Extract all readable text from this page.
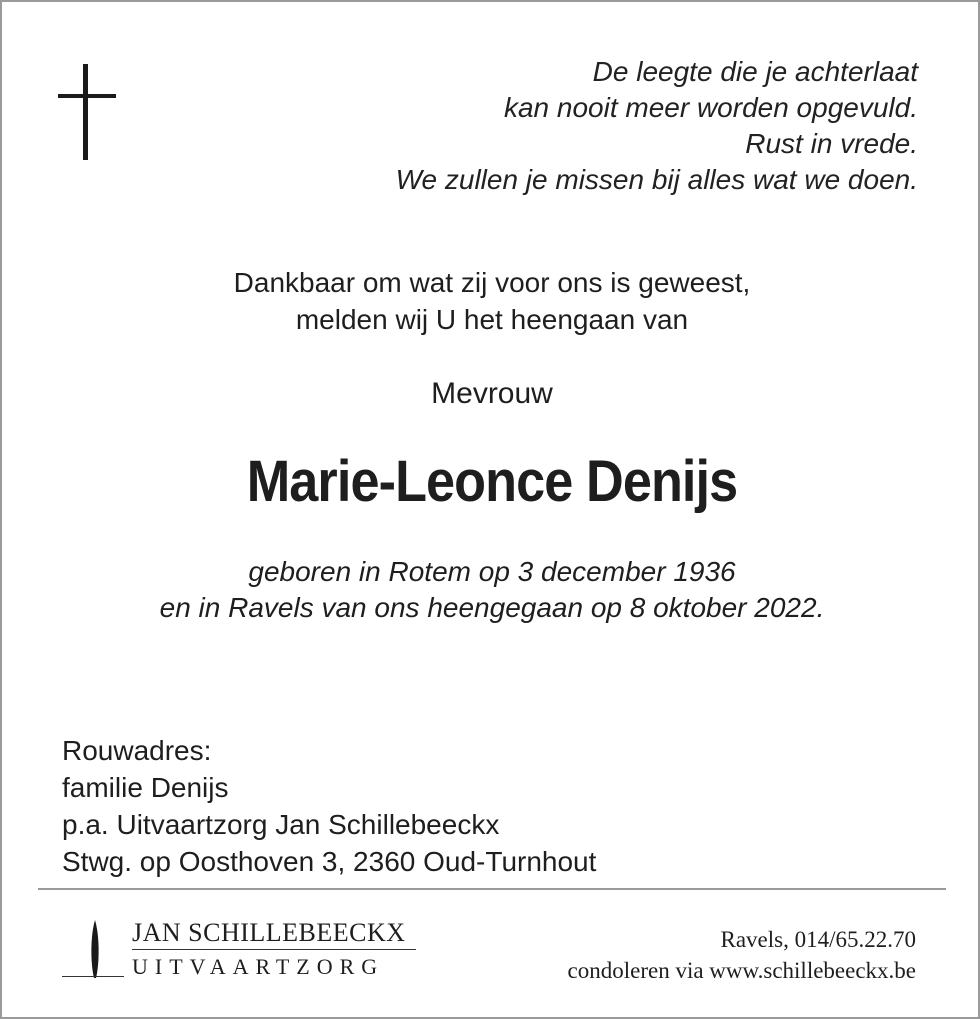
De leegte die je achterlaat
kan nooit meer worden opgevuld.
Rust in vrede.
We zullen je missen bij alles wat we doen.
Dankbaar om wat zij voor ons is geweest,
melden wij U het heengaan van
Mevrouw
Marie-Leonce Denijs
geboren in Rotem op 3 december 1936
en in Ravels van ons heengegaan op 8 oktober 2022.
Rouwadres:
familie Denijs
p.a. Uitvaartzorg Jan Schillebeeckx
Stwg. op Oosthoven 3, 2360 Oud-Turnhout
JAN SCHILLEBEECKX
UITVAARTZORG
Ravels, 014/65.22.70
condoleren via www.schillebeeckx.be
